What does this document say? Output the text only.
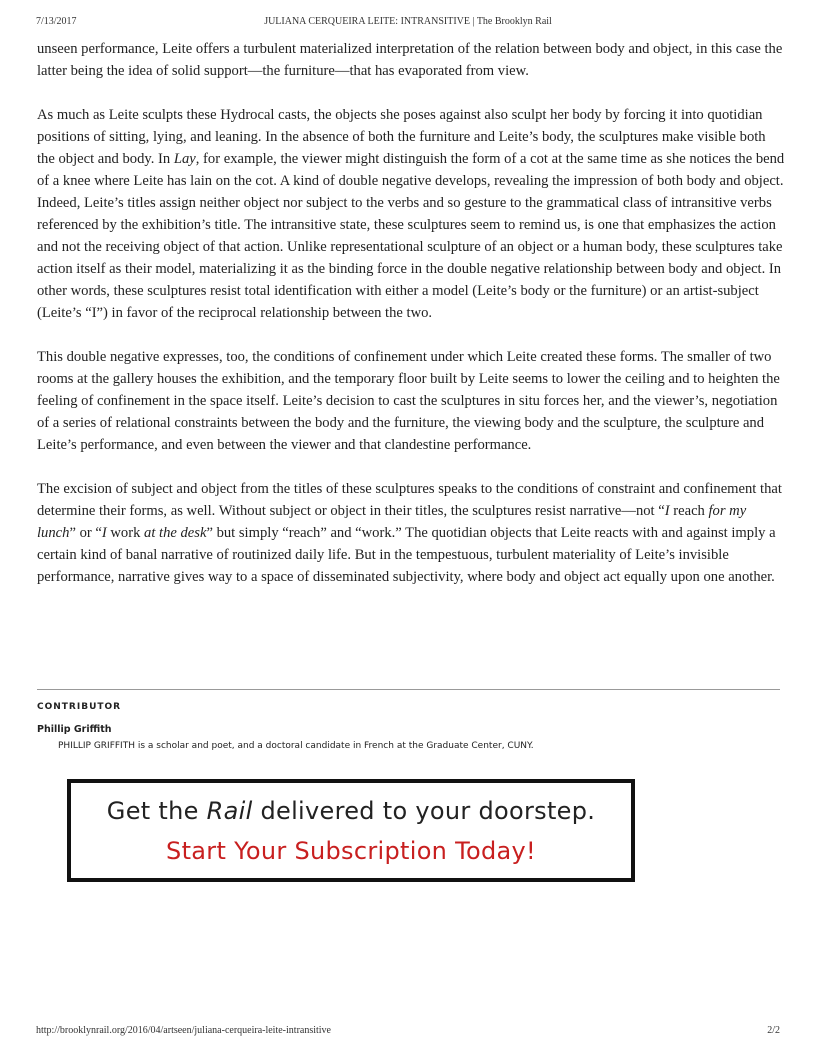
7/13/2017	JULIANA CERQUEIRA LEITE: INTRANSITIVE | The Brooklyn Rail

unseen performance, Leite offers a turbulent materialized interpretation of the relation between body and object, in this case the latter being the idea of solid support—the furniture—that has evaporated from view.

As much as Leite sculpts these Hydrocal casts, the objects she poses against also sculpt her body by forcing it into quotidian positions of sitting, lying, and leaning. In the absence of both the furniture and Leite’s body, the sculptures make visible both the object and body. In Lay, for example, the viewer might distinguish the form of a cot at the same time as she notices the bend of a knee where Leite has lain on the cot. A kind of double negative develops, revealing the impression of both body and object. Indeed, Leite’s titles assign neither object nor subject to the verbs and so gesture to the grammatical class of intransitive verbs referenced by the exhibition’s title. The intransitive state, these sculptures seem to remind us, is one that emphasizes the action and not the receiving object of that action. Unlike representational sculpture of an object or a human body, these sculptures take action itself as their model, materializing it as the binding force in the double negative relationship between body and object. In other words, these sculptures resist total identification with either a model (Leite’s body or the furniture) or an artist-subject (Leite’s “I”) in favor of the reciprocal relationship between the two.

This double negative expresses, too, the conditions of confinement under which Leite created these forms. The smaller of two rooms at the gallery houses the exhibition, and the temporary floor built by Leite seems to lower the ceiling and to heighten the feeling of confinement in the space itself. Leite’s decision to cast the sculptures in situ forces her, and the viewer’s, negotiation of a series of relational constraints between the body and the furniture, the viewing body and the sculpture, the sculpture and Leite’s performance, and even between the viewer and that clandestine performance.

The excision of subject and object from the titles of these sculptures speaks to the conditions of constraint and confinement that determine their forms, as well. Without subject or object in their titles, the sculptures resist narrative—not “I reach for my lunch” or “I work at the desk” but simply “reach” and “work.” The quotidian objects that Leite reacts with and against imply a certain kind of banal narrative of routinized daily life. But in the tempestuous, turbulent materiality of Leite’s invisible performance, narrative gives way to a space of disseminated subjectivity, where body and object act equally upon one another.

CONTRIBUTOR
Phillip Griffith
PHILLIP GRIFFITH is a scholar and poet, and a doctoral candidate in French at the Graduate Center, CUNY.
Get the Rail delivered to your doorstep.
Start Your Subscription Today!
http://brooklynrail.org/2016/04/artseen/juliana-cerqueira-leite-intransitive	2/2
